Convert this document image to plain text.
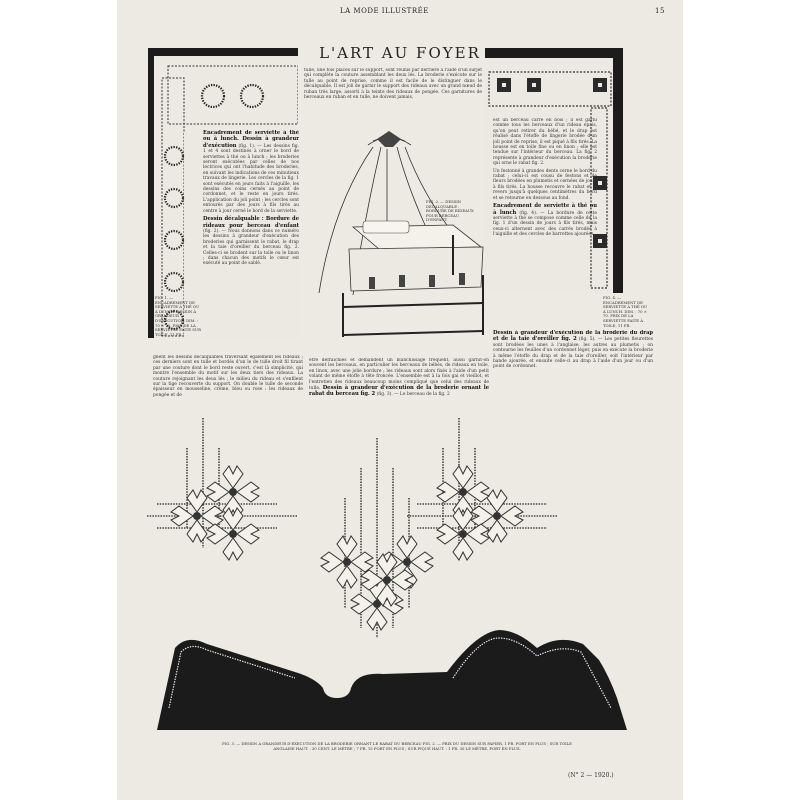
LA MODE ILLUSTRÉE	15
L'ART AU FOYER

Encadrement de serviette à thé ou à lunch. Dessin à grandeur d'exécution (fig. 1). — Les dessins fig. 1 et 4 sont destinés à orner le bord de serviettes à thé ou à lunch ; les broderies seront exécutées par celles de nos lectrices qui ont l'habitude des broderies, en suivant les indications de ces minutieux travaux de lingerie. Les cercles de la fig. 1 sont exécutés en jours faits à l'aiguille, les dessins des coins cernés au point de cordonnet, et le reste en jours tirés. L'application du joli point ; les cercles sont entourés par des jours à fils tirés au centre à jour cerné le bord de la serviette.

Dessin décalquable : Bordure de rideaux pour berceau d'enfant (fig. 2). — Nous donnons dans ce numéro les dessins à grandeur d'exécution des broderies qui garnissent le rabat, le drap et la taie d'oreiller du berceau fig. 2. Celles-ci se brodent sur la toile ou le linon ; dans chacun des motifs le cœur est exécuté au point de sablé.

FIG. 1. — ENCADREMENT DE SERVIETTE À THÉ OU À LUNCH. DESSIN À GRANDEUR D'EXÉCUTION. DIM. : 70 × 70. PRIX DE LA SERVIETTE FAITE SUR TOILE, 11 FR.
gnent les dessins décalquables traversant également les rideaux ; ces derniers sont en tulle et bordés d'un le de tulle droit fil tirant par une couture dont le bord reste ouvert, c'est là simplicité, qui montre l'ensemble du motif sur les deux tiers des rideaux. La couture rejoignant les deux lés ; le milieu du rideau et s'enfilent sur la tige recouverte du support. On double le tulle de seconde épaisseur en mousseline, crème, bleu ou rose : les rideaux de pongée et de
tulle, une fois placés sur le support, sont réunis par derrière à l'aide d'un surjet qui complète la couture assemblant les deux lés. La broderie s'exécute sur le tulle au point de reprise, comme il est facile de le distinguer dans le décalquable. Il est joli de garnir le support des rideaux avec un grand nœud de ruban très large, assorti à la teinte des rideaux de pongée. Ces garnitures de berceaux en ruban et en tulle, ne doivent jamais,
FIG. 2. — DESSIN DÉCALQUABLE : BORDURE DE RIDEAUX POUR BERCEAU D'ENFANT.
être défraîchies et demandent un blanchissage fréquent, aussi garnit-on souvent les berceaux, en particulier les berceaux de bébés, de rideaux en toile, en linon, avec une jolie bordure ; les rideaux sont alors fixés à l'aide d'un petit volant de même étoffe à tête froncée. L'ensemble est à la fois gai et vieillot, et l'entretien des rideaux beaucoup moins compliqué que celui des rideaux de tulle. Dessin à grandeur d'exécution de la broderie ornant le rabat du berceau fig. 2 (fig. 3). — Le berceau de la fig. 2

est un berceau carré en bois ; il est garni comme tous les berceaux d'un rideau épais, qu'on peut retirer du bébé, et le drap est réalisé dans l'étoffe de lingerie brodée d'un joli point de reprise, il est piqué à fils tirés. La housse est en toile fine ou en linon ; elle est tendue sur l'intérieur du berceau. La fig. 2 représente à grandeur d'exécution la broderie qui orne le rabat fig. 2.

Un festonné à grandes dents cerne le bord du rabat ; celui-ci est cousu de festons et de fleurs brodées en plumetis et cernées de jours à fils tirés. La housse recouvre le rabat et le revers jusqu'à quelques centimètres du bord et se retourne en dessous au fond.

Encadrement de serviette à thé ou à lunch (fig. 4). — La bordure de cette serviette à thé se compose comme celle de la fig. 1 d'un dessin de jours à fils tirés, mais ceux-ci alternent avec des carrés brodés à l'aiguille et des cercles de barrettes ajourées.

FIG. 4. — ENCADREMENT DE SERVIETTE À THÉ OU À LUNCH. DIM. : 70 × 70. PRIX DE LA SERVIETTE FAITE À TOILE, 11 FR.

Dessin à grandeur d'exécution de la broderie du drap et de la taie d'oreiller fig. 2 (fig. 5). — Les petites fleurettes sont brodées les unes à l'anglaise, les autres au plumetis ; on contourne les feuilles d'un cordonnet léger, puis on exécute la broderie à même l'étoffe du drap et de la taie d'oreiller, soit l'intérieur par bande ajourée, et ensuite celle-ci au drap à l'aide d'un jour ou d'un point de cordonnet.

FIG. 3. — DESSIN À GRANDEUR D'EXÉCUTION DE LA BRODERIE ORNANT LE RABAT DU BERCEAU FIG. 2. — PRIX DU DESSIN SUR PAPIER, 1 FR. PORT EN PLUS ; SUR TOILE ANGLAISE HAUT. : 30 CENT. LE MÈTRE ; 7 FR. 15 PORT EN PLUS ; SUR PIQUÉ HAUT. : 1 FR. 30 LE MÈTRE, PORT EN PLUS.
(N° 2 — 1920.)
